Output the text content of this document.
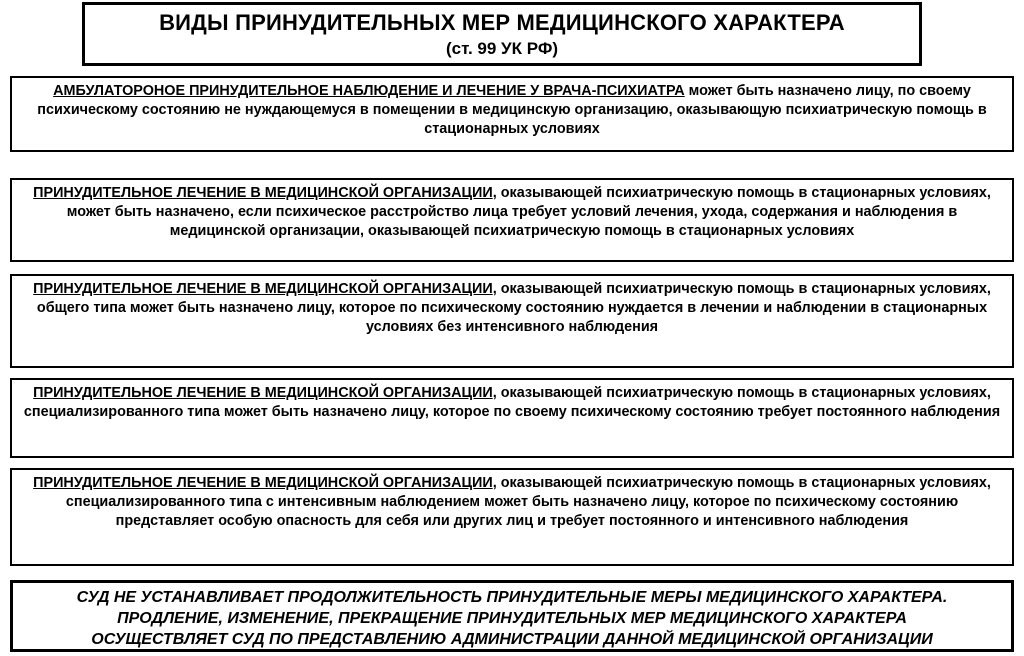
ВИДЫ ПРИНУДИТЕЛЬНЫХ МЕР МЕДИЦИНСКОГО ХАРАКТЕРА
(ст. 99 УК РФ)
АМБУЛАТОРОНОЕ ПРИНУДИТЕЛЬНОЕ НАБЛЮДЕНИЕ И ЛЕЧЕНИЕ У ВРАЧА-ПСИХИАТРА может быть назначено лицу, по своему психическому состоянию не нуждающемуся в помещении в медицинскую организацию, оказывающую психиатрическую помощь в стационарных условиях
ПРИНУДИТЕЛЬНОЕ ЛЕЧЕНИЕ В МЕДИЦИНСКОЙ ОРГАНИЗАЦИИ, оказывающей психиатрическую помощь в стационарных условиях, может быть назначено, если психическое расстройство лица требует условий лечения, ухода, содержания и наблюдения в медицинской организации, оказывающей психиатрическую помощь в стационарных условиях
ПРИНУДИТЕЛЬНОЕ ЛЕЧЕНИЕ В МЕДИЦИНСКОЙ ОРГАНИЗАЦИИ, оказывающей психиатрическую помощь в стационарных условиях, общего типа может быть назначено лицу, которое по психическому состоянию нуждается в лечении и наблюдении в стационарных условиях без интенсивного наблюдения
ПРИНУДИТЕЛЬНОЕ ЛЕЧЕНИЕ В МЕДИЦИНСКОЙ ОРГАНИЗАЦИИ, оказывающей психиатрическую помощь в стационарных условиях, специализированного типа может быть назначено лицу, которое по своему психическому состоянию требует постоянного наблюдения
ПРИНУДИТЕЛЬНОЕ ЛЕЧЕНИЕ В МЕДИЦИНСКОЙ ОРГАНИЗАЦИИ, оказывающей психиатрическую помощь в стационарных условиях, специализированного типа с интенсивным наблюдением может быть назначено лицу, которое по психическому состоянию представляет особую опасность для себя или других лиц и требует постоянного и интенсивного наблюдения
СУД НЕ УСТАНАВЛИВАЕТ ПРОДОЛЖИТЕЛЬНОСТЬ ПРИНУДИТЕЛЬНЫЕ МЕРЫ МЕДИЦИНСКОГО ХАРАКТЕРА.
ПРОДЛЕНИЕ, ИЗМЕНЕНИЕ, ПРЕКРАЩЕНИЕ ПРИНУДИТЕЛЬНЫХ МЕР МЕДИЦИНСКОГО ХАРАКТЕРА
ОСУЩЕСТВЛЯЕТ СУД ПО ПРЕДСТАВЛЕНИЮ АДМИНИСТРАЦИИ ДАННОЙ МЕДИЦИНСКОЙ ОРГАНИЗАЦИИ
